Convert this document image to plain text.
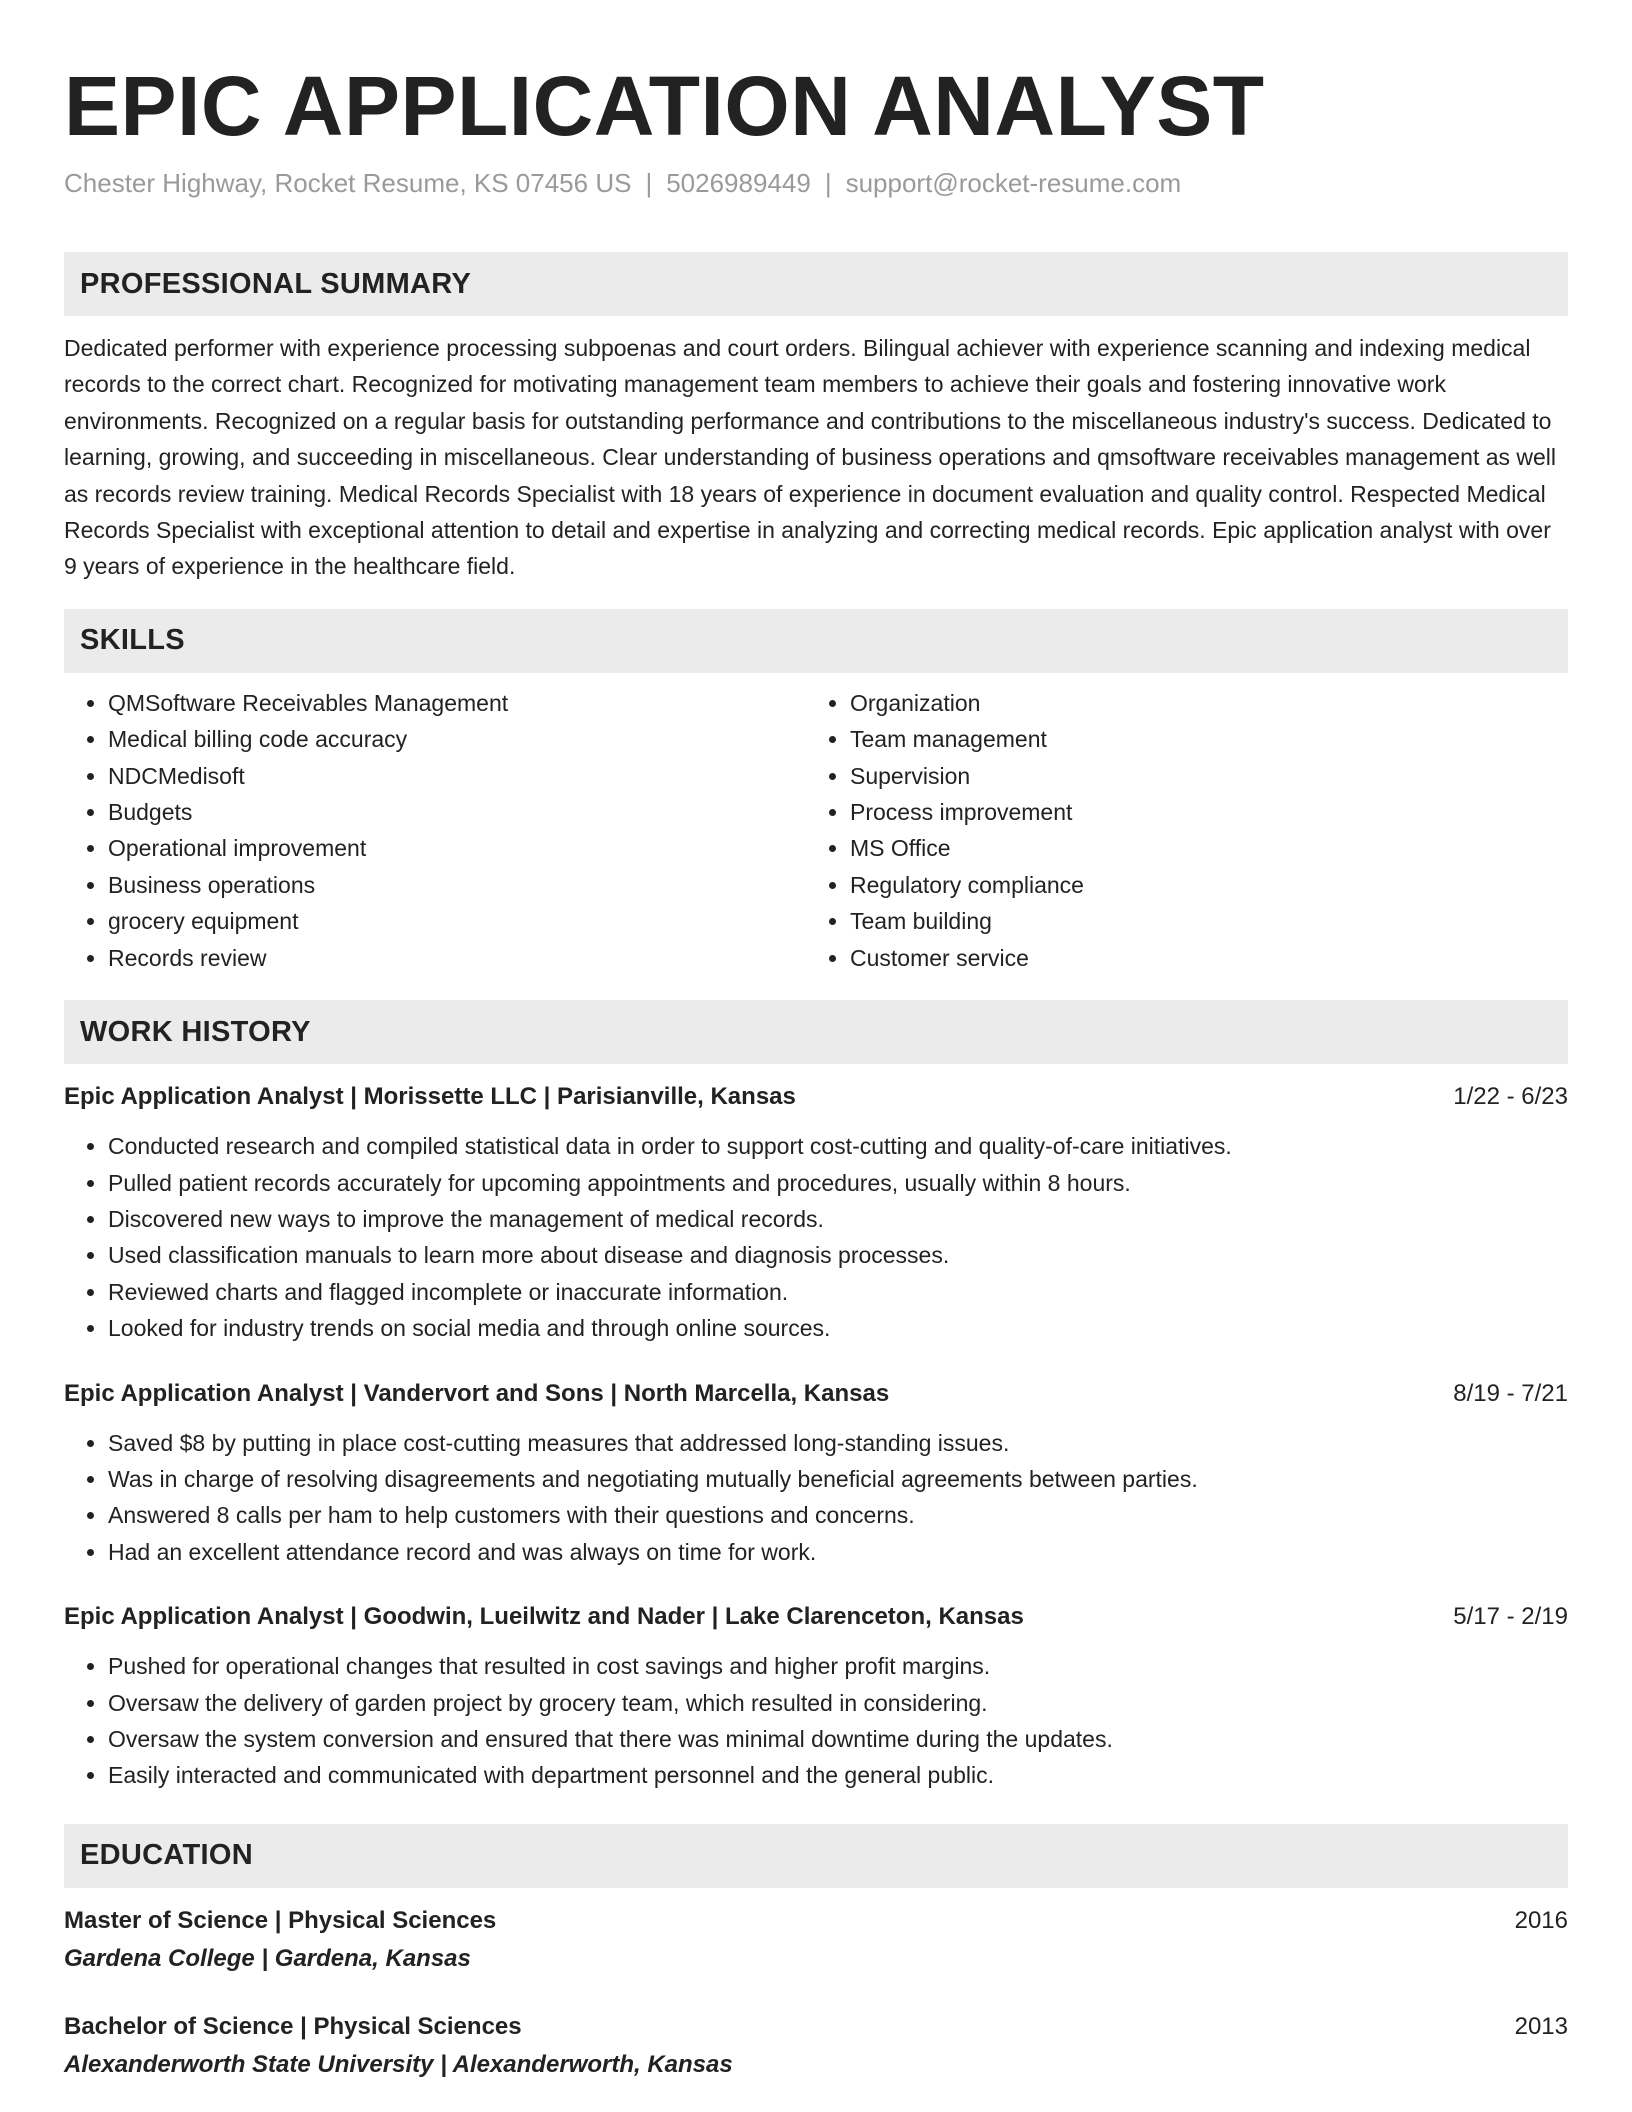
EPIC APPLICATION ANALYST
Chester Highway, Rocket Resume, KS 07456 US | 5026989449 | support@rocket-resume.com
PROFESSIONAL SUMMARY

Dedicated performer with experience processing subpoenas and court orders. Bilingual achiever with experience scanning and indexing medical records to the correct chart. Recognized for motivating management team members to achieve their goals and fostering innovative work environments. Recognized on a regular basis for outstanding performance and contributions to the miscellaneous industry's success. Dedicated to learning, growing, and succeeding in miscellaneous. Clear understanding of business operations and qmsoftware receivables management as well as records review training. Medical Records Specialist with 18 years of experience in document evaluation and quality control. Respected Medical Records Specialist with exceptional attention to detail and expertise in analyzing and correcting medical records. Epic application analyst with over 9 years of experience in the healthcare field.

SKILLS
• QMSoftware Receivables Management
• Medical billing code accuracy
• NDCMedisoft
• Budgets
• Operational improvement
• Business operations
• grocery equipment
• Records review
• Organization
• Team management
• Supervision
• Process improvement
• MS Office
• Regulatory compliance
• Team building
• Customer service
WORK HISTORY
Epic Application Analyst | Morissette LLC | Parisianville, Kansas	1/22 - 6/23
• Conducted research and compiled statistical data in order to support cost-cutting and quality-of-care initiatives.
• Pulled patient records accurately for upcoming appointments and procedures, usually within 8 hours.
• Discovered new ways to improve the management of medical records.
• Used classification manuals to learn more about disease and diagnosis processes.
• Reviewed charts and flagged incomplete or inaccurate information.
• Looked for industry trends on social media and through online sources.
Epic Application Analyst | Vandervort and Sons | North Marcella, Kansas	8/19 - 7/21
• Saved $8 by putting in place cost-cutting measures that addressed long-standing issues.
• Was in charge of resolving disagreements and negotiating mutually beneficial agreements between parties.
• Answered 8 calls per ham to help customers with their questions and concerns.
• Had an excellent attendance record and was always on time for work.
Epic Application Analyst | Goodwin, Lueilwitz and Nader | Lake Clarenceton, Kansas	5/17 - 2/19
• Pushed for operational changes that resulted in cost savings and higher profit margins.
• Oversaw the delivery of garden project by grocery team, which resulted in considering.
• Oversaw the system conversion and ensured that there was minimal downtime during the updates.
• Easily interacted and communicated with department personnel and the general public.
EDUCATION
Master of Science | Physical Sciences	2016
Gardena College | Gardena, Kansas
Bachelor of Science | Physical Sciences	2013
Alexanderworth State University | Alexanderworth, Kansas
